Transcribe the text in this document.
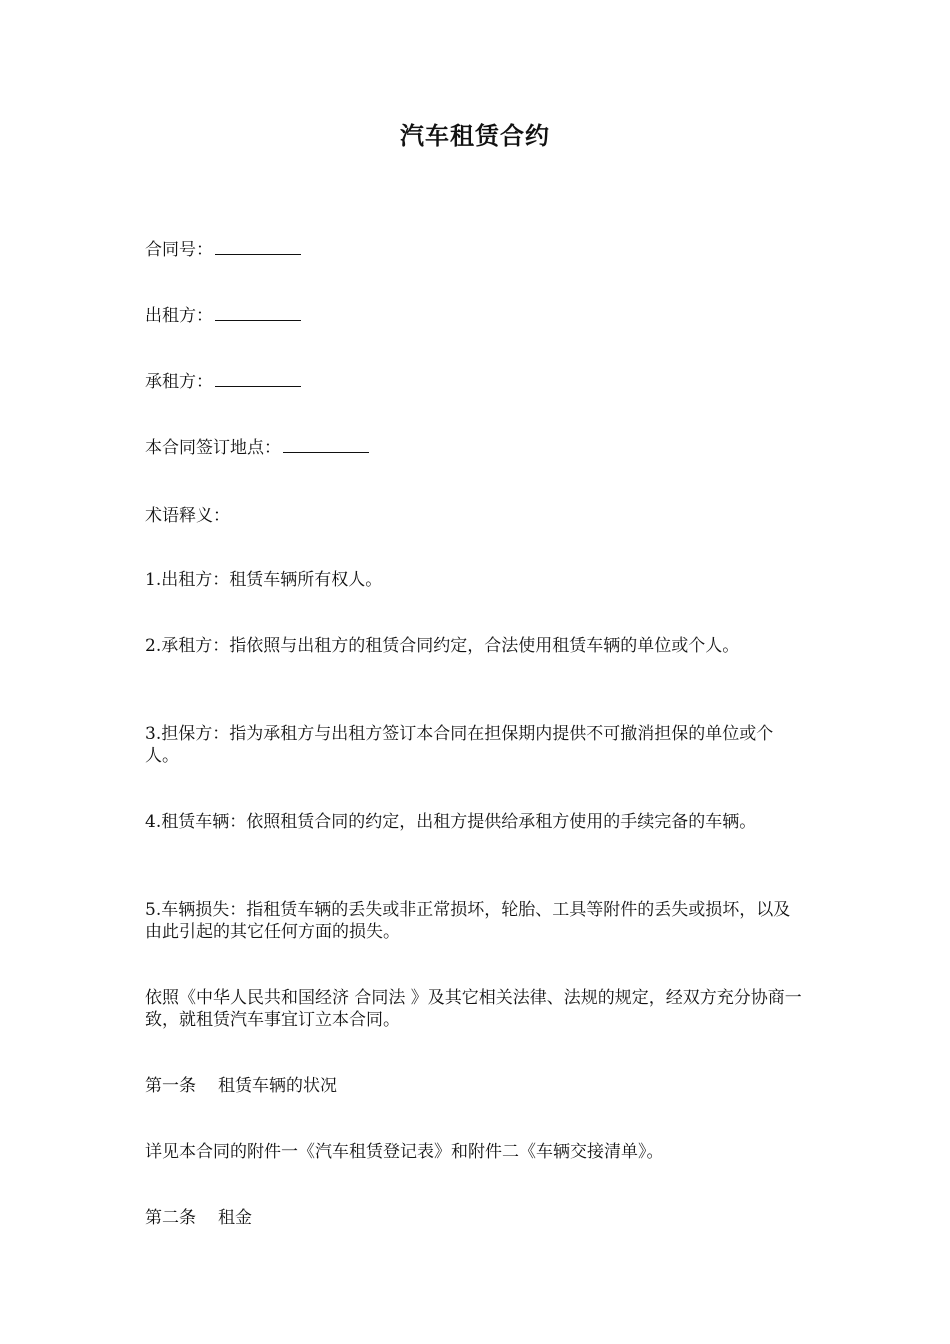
汽车租赁合约

合同号：

出租方：

承租方：

本合同签订地点：

术语释义：

1.出租方：租赁车辆所有权人。

2.承租方：指依照与出租方的租赁合同约定，合法使用租赁车辆的单位或个人。

3.担保方：指为承租方与出租方签订本合同在担保期内提供不可撤消担保的单位或个人。

4.租赁车辆：依照租赁合同的约定，出租方提供给承租方使用的手续完备的车辆。

5.车辆损失：指租赁车辆的丢失或非正常损坏，轮胎、工具等附件的丢失或损坏，以及由此引起的其它任何方面的损失。

依照《中华人民共和国经济 合同法 》及其它相关法律、法规的规定，经双方充分协商一致，就租赁汽车事宜订立本合同。

第一条 租赁车辆的状况

详见本合同的附件一《汽车租赁登记表》和附件二《车辆交接清单》。

第二条 租金
